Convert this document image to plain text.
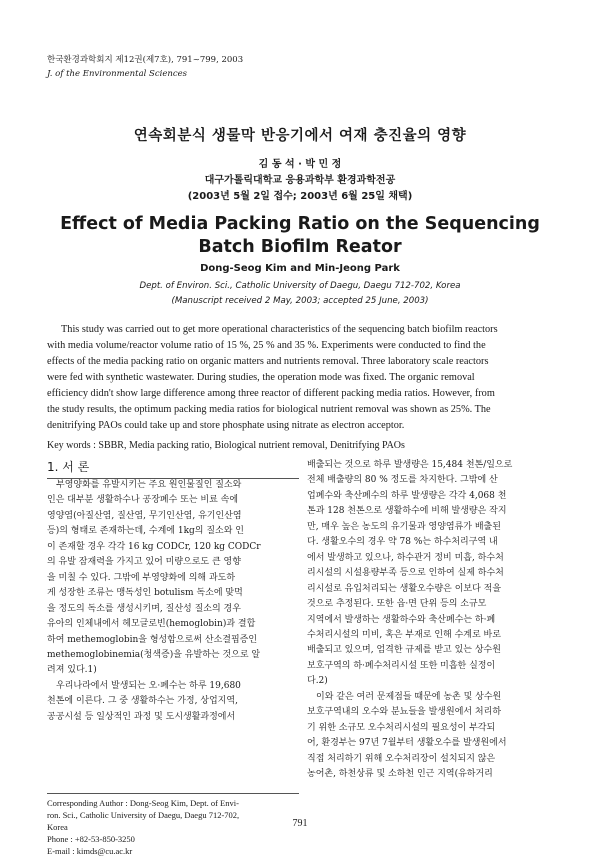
한국환경과학회지 제12권(제7호), 791~799, 2003
J. of the Environmental Sciences
연속회분식 생물막 반응기에서 여재 충진율의 영향
김 동 석 · 박 민 정
대구가톨릭대학교 응용과학부 환경과학전공
(2003년 5월 2일 접수; 2003년 6월 25일 채택)
Effect of Media Packing Ratio on the Sequencing
Batch Biofilm Reator
Dong-Seog Kim and Min-Jeong Park
Dept. of Environ. Sci., Catholic University of Daegu, Daegu 712-702, Korea
(Manuscript received 2 May, 2003; accepted 25 June, 2003)
This study was carried out to get more operational characteristics of the sequencing batch biofilm reactors
with media volume/reactor volume ratio of 15 %, 25 % and 35 %. Experiments were conducted to find the
effects of the media packing ratio on organic matters and nutrients removal. Three laboratory scale reactors
were fed with synthetic wastewater. During studies, the operation mode was fixed. The organic removal
efficiency didn't show large difference among three reactor of different packing media ratios. However, from
the study results, the optimum packing media ratios for biological nutrient removal was shown as 25%. The
denitrifying PAOs could take up and store phosphate using nitrate as electron acceptor.
Key words : SBBR, Media packing ratio, Biological nutrient removal, Denitrifying PAOs
1. 서 론
　부영양화를 유발시키는 주요 원인물질인 질소와
인은 대부분 생활하수나 공장폐수 또는 비료 속에
영양염(아질산염, 질산염, 무기인산염, 유기인산염
등)의 형태로 존재하는데, 수계에 1kg의 질소와 인
이 존재할 경우 각각 16 kg CODCr, 120 kg CODCr
의 유발 잠재력을 가지고 있어 미량으로도 큰 영향
을 미칠 수 있다. 그밖에 부영양화에 의해 과도하
게 성장한 조류는 맹독성인 botulism 독소에 맞먹
을 정도의 독소를 생성시키며, 질산성 질소의 경우
유아의 인체내에서 헤모글로빈(hemoglobin)과 결합
하여 methemoglobin을 형성함으로써 산소결핍증인
methemoglobinemia(청색증)을 유발하는 것으로 알
려져 있다.1)
　우리나라에서 발생되는 오·폐수는 하루 19,680
천톤에 이른다. 그 중 생활하수는 가정, 상업지역,
공공시설 등 일상적인 과정 및 도시생활과정에서
배출되는 것으로 하루 발생량은 15,484 천톤/일으로
전체 배출량의 80 % 정도를 차지한다. 그밖에 산
업폐수와 축산폐수의 하루 발생량은 각각 4,068 천
톤과 128 천톤으로 생활하수에 비해 발생량은 작지
만, 매우 높은 농도의 유기물과 영양염류가 배출된
다. 생활오수의 경우 약 78 %는 하수처리구역 내
에서 발생하고 있으나, 하수관거 정비 미흡, 하수처
리시설의 시설용량부족 등으로 인하여 실제 하수처
리시설로 유입처리되는 생활오수량은 이보다 적을
것으로 추정된다. 또한 읍·면 단위 등의 소규모
지역에서 발생하는 생활하수와 축산폐수는 하·폐
수처리시설의 미비, 혹은 부재로 인해 수계로 바로
배출되고 있으며, 엄격한 규제를 받고 있는 상수원
보호구역의 하·폐수처리시설 또한 미흡한 실정이
다.2)
　이와 같은 여러 문제점들 때문에 농촌 및 상수원
보호구역내의 오수와 분뇨들을 발생원에서 처리하
기 위한 소규모 오수처리시설의 필요성이 부각되
어, 환경부는 97년 7월부터 생활오수를 발생원에서
직접 처리하기 위해 오수처리장이 설치되지 않은
농어촌, 하천상류 및 소하천 인근 지역(유하거리
Corresponding Author : Dong-Seog Kim, Dept. of Envi-
ron. Sci., Catholic University of Daegu, Daegu 712-702,
Korea
Phone : +82-53-850-3250
E-mail : kimds@cu.ac.kr
791
